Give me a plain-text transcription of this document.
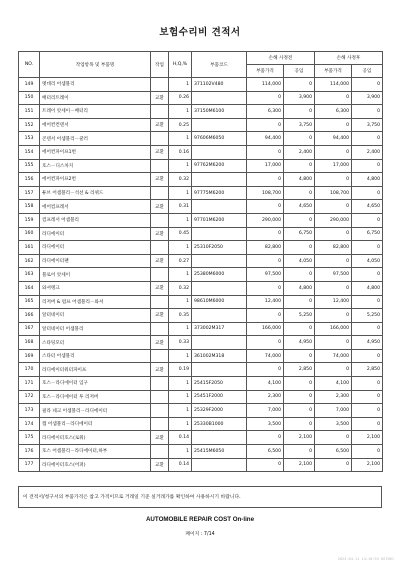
보험수리비 견적서
NO.	작업항목 및 부품명	작업	H,Q,%	부품코드	손해 사정전		손해 사정후	
					부품가격	공임	부품가격	공임
149	멧데리 어셈블리		1	371102V480	114,000	0	114,000	0
150	배터리트레이	교환	0.26		0	3,900	0	3,900
151	트레이 앗세이－배터리		1	37150M6100	6,300	0	6,300	0
152	에어컨컨덴서	교환	0.25		0	3,750	0	3,750
153	콘덴서 어셈블리－쿨러		1	97606M6050	94,400	0	94,400	0
154	에어컨파이프1번	교환	0.16		0	2,400	0	2,400
155	호스－디스차지		1	97762M6200	17,000	0	17,000	0
156	에어컨파이프2번	교환	0.32		0	4,800	0	4,800
157	튜브 어셈블리－석션 & 리퀴드		1	97775M6200	108,700	0	108,700	0
158	에어컴프레서	교환	0.31		0	4,650	0	4,650
159	컴프레서 어셈블리		1	97701M6200	290,000	0	290,000	0
160	라디에이터	교환	0.45		0	6,750	0	6,750
161	라디에이터		1	25310F2050	82,800	0	82,800	0
162	라디에이터팬	교환	0.27		0	4,050	0	4,050
163	블로어 앗세이		1	25380M6000	97,500	0	97,500	0
164	와셔탱크	교환	0.32		0	4,800	0	4,800
165	리저버 & 펌프 어셈블리－와셔		1	98610M6000	12,400	0	12,400	0
166	알터네이터	교환	0.35		0	5,250	0	5,250
167	알터네이터 어셈블리		1	373002M317	166,000	0	166,000	0
168	스타팅모터	교환	0.33		0	4,950	0	4,950
169	스타터 어셈블리		1	361002M318	74,000	0	74,000	0
170	라디에이터워터파이프	교환	0.19		0	2,850	0	2,850
171	호스－라디에이터 입구		1	25415F2050	4,100	0	4,100	0
172	호스－라디에이터 투 리저버		1	25451F2000	2,300	0	2,300	0
173	필라 네크 어셈블리－라디에이터		1	25329F2000	7,000	0	7,000	0
174	캡 어셈블리－라디에이터		1	25330B1000	3,500	0	3,500	0
175	라디에이터호스(로워)	교환	0.14		0	2,100	0	2,100
176	호스 어셈블리－라디에이터,하부		1	25415M6050	6,500	0	6,500	0
177	라디에이터호스(어퍼)	교환	0.14		0	2,100	0	2,100
이 견적서/청구서의 부품가격은 참고 가격이므로 거래일 기준 실거래가를 확인하여 사용하시기 바랍니다.
AUTOMOBILE REPAIR COST On-line
페이지 : 7/14
2024-04-11 14:10:53 KST001
